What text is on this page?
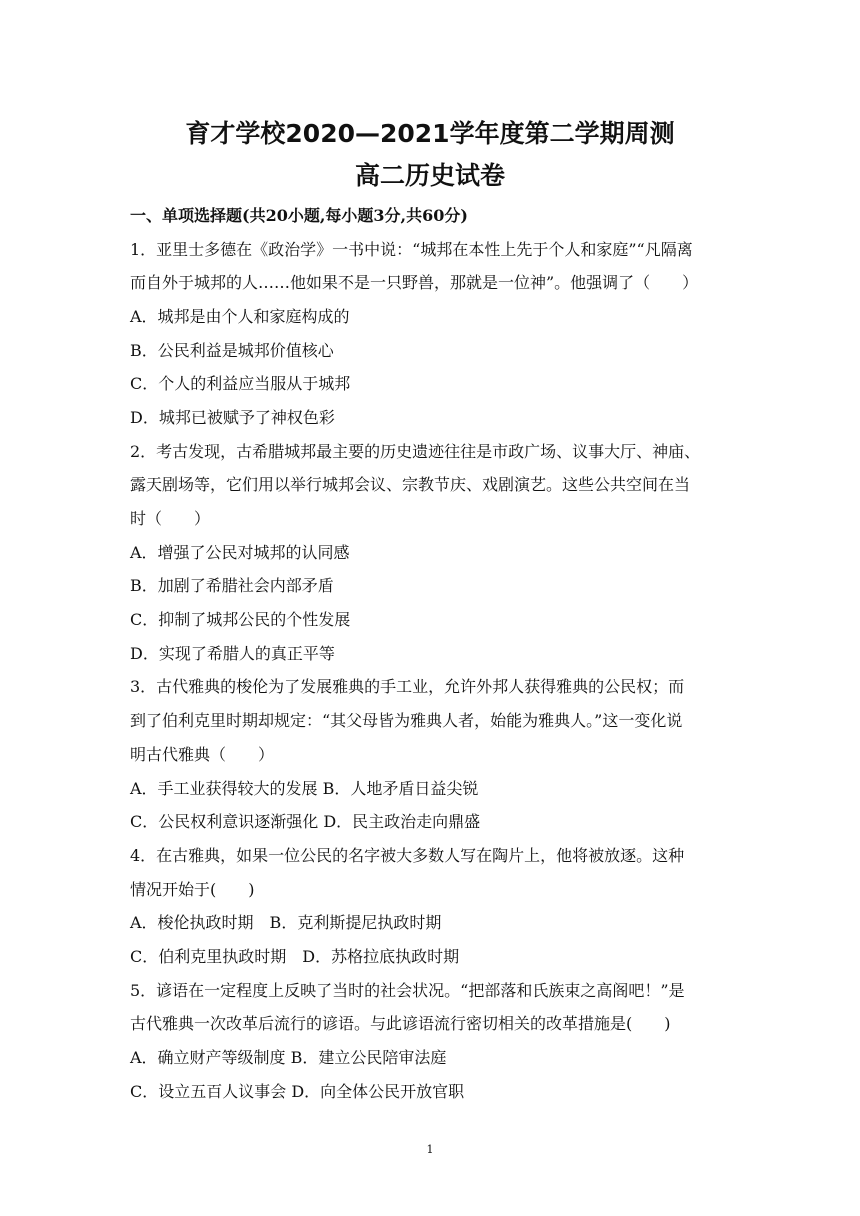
育才学校2020—2021学年度第二学期周测
高二历史试卷
一、单项选择题(共20小题,每小题3分,共60分)
1．亚里士多德在《政治学》一书中说：“城邦在本性上先于个人和家庭”“凡隔离
而自外于城邦的人……他如果不是一只野兽，那就是一位神”。他强调了（　　）
A．城邦是由个人和家庭构成的
B．公民利益是城邦价值核心
C．个人的利益应当服从于城邦
D．城邦已被赋予了神权色彩
2．考古发现，古希腊城邦最主要的历史遗迹往往是市政广场、议事大厅、神庙、
露天剧场等，它们用以举行城邦会议、宗教节庆、戏剧演艺。这些公共空间在当
时（　　）
A．增强了公民对城邦的认同感
B．加剧了希腊社会内部矛盾
C．抑制了城邦公民的个性发展
D．实现了希腊人的真正平等
3．古代雅典的梭伦为了发展雅典的手工业，允许外邦人获得雅典的公民权；而
到了伯利克里时期却规定：“其父母皆为雅典人者，始能为雅典人。”这一变化说
明古代雅典（　　）
A．手工业获得较大的发展 B．人地矛盾日益尖锐
C．公民权利意识逐渐强化 D．民主政治走向鼎盛
4．在古雅典，如果一位公民的名字被大多数人写在陶片上，他将被放逐。这种
情况开始于(　　)
A．梭伦执政时期　B．克利斯提尼执政时期
C．伯利克里执政时期　D．苏格拉底执政时期
5．谚语在一定程度上反映了当时的社会状况。“把部落和氏族束之高阁吧！”是
古代雅典一次改革后流行的谚语。与此谚语流行密切相关的改革措施是(　　)
A．确立财产等级制度 B．建立公民陪审法庭
C．设立五百人议事会 D．向全体公民开放官职
1
